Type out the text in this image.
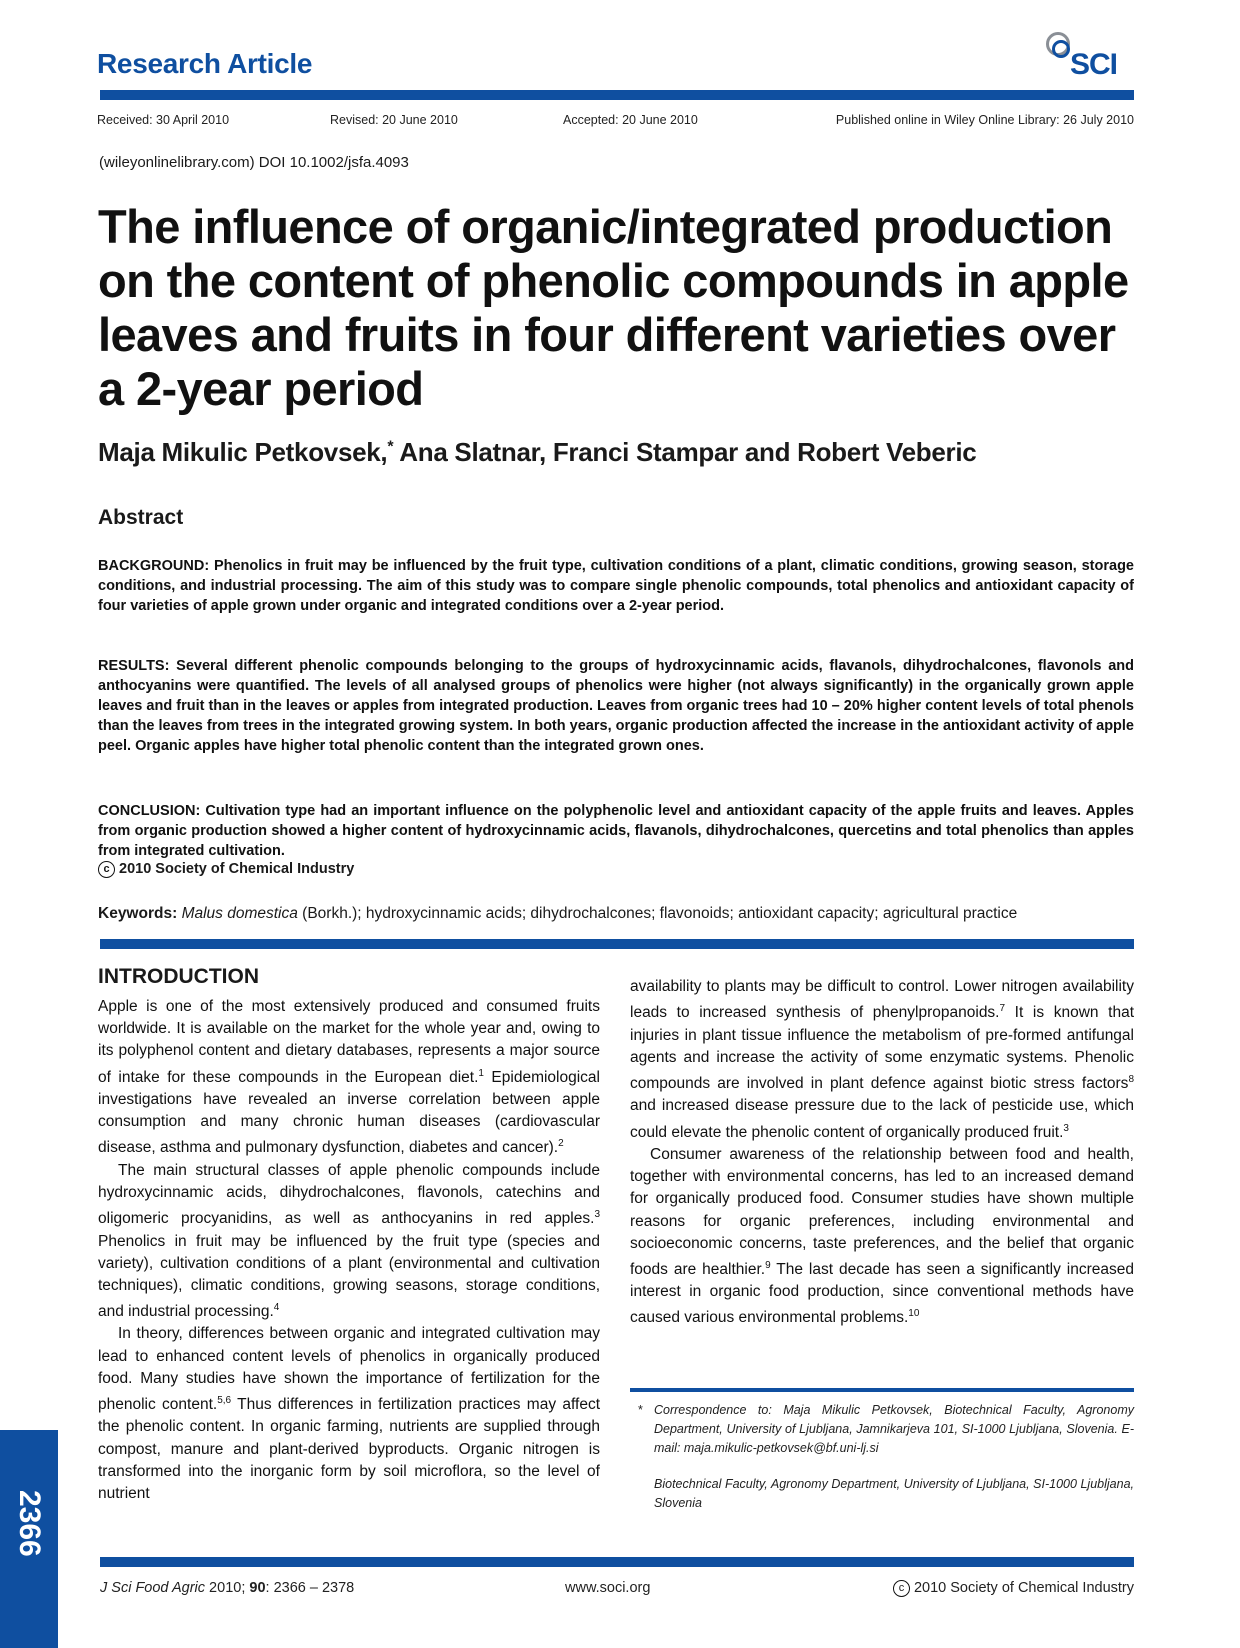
Research Article	SCI
Received: 30 April 2010	Revised: 20 June 2010	Accepted: 20 June 2010	Published online in Wiley Online Library: 26 July 2010
(wileyonlinelibrary.com) DOI 10.1002/jsfa.4093
The influence of organic/integrated production on the content of phenolic compounds in apple leaves and fruits in four different varieties over a 2-year period
Maja Mikulic Petkovsek,* Ana Slatnar, Franci Stampar and Robert Veberic
Abstract

BACKGROUND: Phenolics in fruit may be influenced by the fruit type, cultivation conditions of a plant, climatic conditions, growing season, storage conditions, and industrial processing. The aim of this study was to compare single phenolic compounds, total phenolics and antioxidant capacity of four varieties of apple grown under organic and integrated conditions over a 2-year period.

RESULTS: Several different phenolic compounds belonging to the groups of hydroxycinnamic acids, flavanols, dihydrochalcones, flavonols and anthocyanins were quantified. The levels of all analysed groups of phenolics were higher (not always significantly) in the organically grown apple leaves and fruit than in the leaves or apples from integrated production. Leaves from organic trees had 10 – 20% higher content levels of total phenols than the leaves from trees in the integrated growing system. In both years, organic production affected the increase in the antioxidant activity of apple peel. Organic apples have higher total phenolic content than the integrated grown ones.

CONCLUSION: Cultivation type had an important influence on the polyphenolic level and antioxidant capacity of the apple fruits and leaves. Apples from organic production showed a higher content of hydroxycinnamic acids, flavanols, dihydrochalcones, quercetins and total phenolics than apples from integrated cultivation.

c 2010 Society of Chemical Industry
Keywords: Malus domestica (Borkh.); hydroxycinnamic acids; dihydrochalcones; flavonoids; antioxidant capacity; agricultural practice
INTRODUCTION

Apple is one of the most extensively produced and consumed fruits worldwide. It is available on the market for the whole year and, owing to its polyphenol content and dietary databases, represents a major source of intake for these compounds in the European diet.$^1$ Epidemiological investigations have revealed an inverse correlation between apple consumption and many chronic human diseases (cardiovascular disease, asthma and pulmonary dysfunction, diabetes and cancer).$^2$

The main structural classes of apple phenolic compounds include hydroxycinnamic acids, dihydrochalcones, flavonols, catechins and oligomeric procyanidins, as well as anthocyanins in red apples.$^3$ Phenolics in fruit may be influenced by the fruit type (species and variety), cultivation conditions of a plant (environmental and cultivation techniques), climatic conditions, growing seasons, storage conditions, and industrial processing.$^4$

In theory, differences between organic and integrated cultivation may lead to enhanced content levels of phenolics in organically produced food. Many studies have shown the importance of fertilization for the phenolic content.$^{5,6}$ Thus differences in fertilization practices may affect the phenolic content. In organic farming, nutrients are supplied through compost, manure and plant-derived byproducts. Organic nitrogen is transformed into the inorganic form by soil microflora, so the level of nutrient

availability to plants may be difficult to control. Lower nitrogen availability leads to increased synthesis of phenylpropanoids.$^7$ It is known that injuries in plant tissue influence the metabolism of pre-formed antifungal agents and increase the activity of some enzymatic systems. Phenolic compounds are involved in plant defence against biotic stress factors$^8$ and increased disease pressure due to the lack of pesticide use, which could elevate the phenolic content of organically produced fruit.$^3$

Consumer awareness of the relationship between food and health, together with environmental concerns, has led to an increased demand for organically produced food. Consumer studies have shown multiple reasons for organic preferences, including environmental and socioeconomic concerns, taste preferences, and the belief that organic foods are healthier.$^9$ The last decade has seen a significantly increased interest in organic food production, since conventional methods have caused various environmental problems.$^{10}$

* Correspondence to: Maja Mikulic Petkovsek, Biotechnical Faculty, Agronomy Department, University of Ljubljana, Jamnikarjeva 101, SI-1000 Ljubljana, Slovenia. E-mail: maja.mikulic-petkovsek@bf.uni-lj.si
Biotechnical Faculty, Agronomy Department, University of Ljubljana, SI-1000 Ljubljana, Slovenia
2366
J Sci Food Agric 2010; 90: 2366 – 2378	www.soci.org	c 2010 Society of Chemical Industry
